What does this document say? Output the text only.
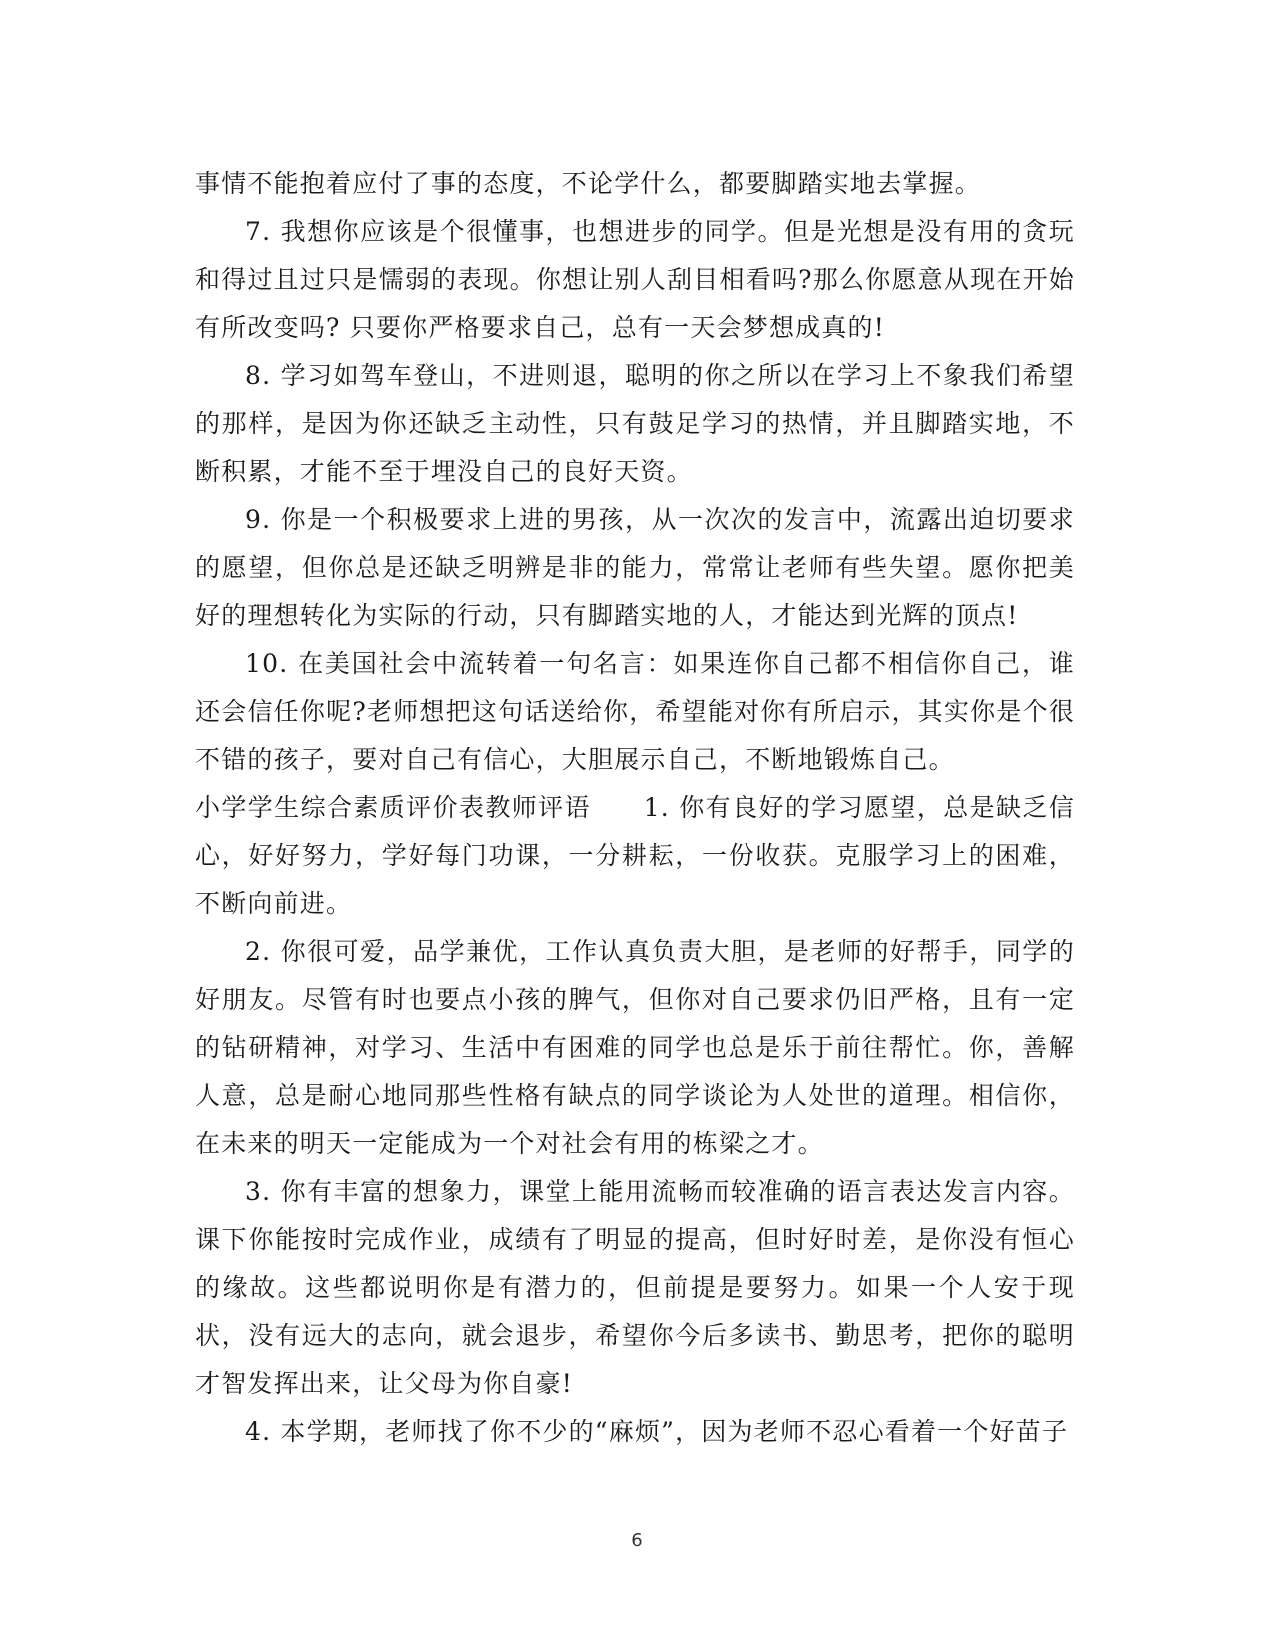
事情不能抱着应付了事的态度，不论学什么，都要脚踏实地去掌握。

7. 我想你应该是个很懂事，也想进步的同学。但是光想是没有用的贪玩和得过且过只是懦弱的表现。你想让别人刮目相看吗?那么你愿意从现在开始有所改变吗? 只要你严格要求自己，总有一天会梦想成真的!

8. 学习如驾车登山，不进则退，聪明的你之所以在学习上不象我们希望的那样，是因为你还缺乏主动性，只有鼓足学习的热情，并且脚踏实地，不断积累，才能不至于埋没自己的良好天资。

9. 你是一个积极要求上进的男孩，从一次次的发言中，流露出迫切要求的愿望，但你总是还缺乏明辨是非的能力，常常让老师有些失望。愿你把美好的理想转化为实际的行动，只有脚踏实地的人，才能达到光辉的顶点!

10. 在美国社会中流转着一句名言：如果连你自己都不相信你自己，谁还会信任你呢?老师想把这句话送给你，希望能对你有所启示，其实你是个很不错的孩子，要对自己有信心，大胆展示自己，不断地锻炼自己。

小学学生综合素质评价表教师评语　　1. 你有良好的学习愿望，总是缺乏信心，好好努力，学好每门功课，一分耕耘，一份收获。克服学习上的困难，不断向前进。

2. 你很可爱，品学兼优，工作认真负责大胆，是老师的好帮手，同学的好朋友。尽管有时也要点小孩的脾气，但你对自己要求仍旧严格，且有一定的钻研精神，对学习、生活中有困难的同学也总是乐于前往帮忙。你，善解人意，总是耐心地同那些性格有缺点的同学谈论为人处世的道理。相信你，在未来的明天一定能成为一个对社会有用的栋梁之才。

3. 你有丰富的想象力，课堂上能用流畅而较准确的语言表达发言内容。课下你能按时完成作业，成绩有了明显的提高，但时好时差，是你没有恒心的缘故。这些都说明你是有潜力的，但前提是要努力。如果一个人安于现状，没有远大的志向，就会退步，希望你今后多读书、勤思考，把你的聪明才智发挥出来，让父母为你自豪!

4. 本学期，老师找了你不少的“麻烦”，因为老师不忍心看着一个好苗子

6
